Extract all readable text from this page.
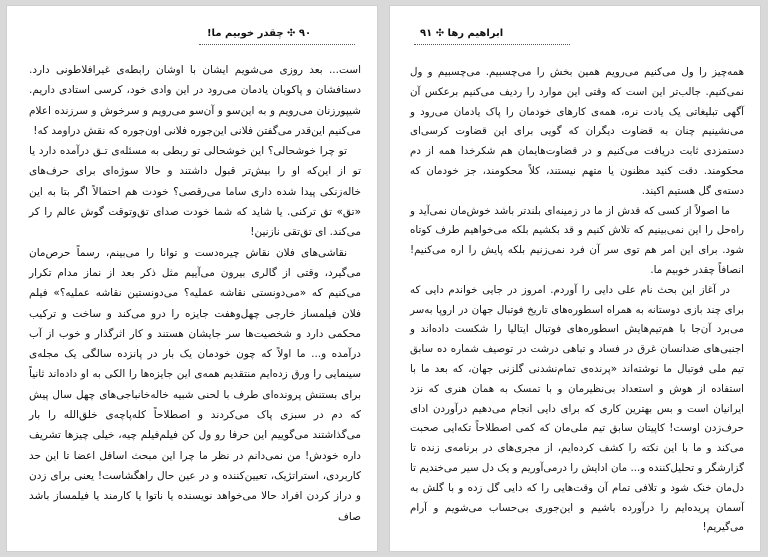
٩٠ ✣ چقدر خوبیم ما!

است... بعد روزی می‌شویم ایشان با اوشان رابطه‌ی غیرافلاطونی دارد. دستافشان و پاکوبان یادمان می‌رود در این وادی خود، کرسی استادی داریم. شیپورزنان می‌رویم و به این‌سو و آن‌سو می‌رویم و سرخوش و سرزنده اعلام می‌کنیم این‌قدر می‌گفتن فلانی این‌جوره فلانی اون‌جوره که نقش دراومد که!

تو چرا خوشحالی؟ این خوشحالی تو ربطی به مسئله‌ی تـق درآمده دارد یا تو از این‌که او را بیش‌تر قبول داشتند و حالا سوژه‌ای برای حرف‌های خاله‌زنکی پیدا شده داری ساما می‌رقصی؟ خودت هم احتمالاً اگر بتا به این «تق» تق ترکنی. یا شاید که شما خودت صدای تق‌وتوقت گوش عالم را کر می‌کند. ای تق‌تقی نازنین!

نقاشی‌های فلان نقاش چیره‌دست و توانا را می‌بینم، رسماً حرص‌مان می‌گیرد، وقتی از گالری بیرون می‌آییم مثل ذکر بعد از نماز مدام تکرار می‌کنیم که «می‌دونستی نقاشه عملیه؟ می‌دونستین نقاشه عملیه؟» فیلم فلان فیلمساز خارجی چهل‌وهفت جایزه را درو می‌کند و ساخت و ترکیب محکمی دارد و شخصیت‌ها سر جایشان هستند و کار اثرگذار و خوب از آب درآمده و... ما اولاً که چون خودمان یک بار در پانزده سالگی یک مجله‌ی سینمایی را ورق زده‌ایم منتقدیم همه‌ی این جایزه‌ها را الکی به او داده‌اند ثانیاً برای بستنش پرونده‌ای طرف با لحنی شبیه خاله‌خانباجی‌های چهل سال پیش که دم در سبزی پاک می‌کردند و اصطلاحاً کله‌پاچه‌ی خلق‌الله را بار می‌گذاشتند می‌گوییم این حرفا رو ول کن فیلم‌فیلم چیه، خیلی چیزها تشریف داره خودش! من نمی‌دانم در نظر ما چرا این مبحث اسافل اعضا تا این حد کاربردی، استراتژیک، تعیین‌کننده و در عین حال راهگشاست! یعنی برای زدن و دراز کردن افراد حالا می‌خواهد نویسنده یا ناتوا یا کارمند یا فیلمساز باشد صاف

ابراهیم رها ✣ ٩١

همه‌چیز را ول می‌کنیم می‌رویم همین بخش را می‌چسبیم. می‌چسبیم و ول نمی‌کنیم. جالب‌تر این است که وقتی این موارد را ردیف می‌کنیم برعکس آن آگهی تبلیغاتی یک یادت نره، همه‌ی کارهای خودمان را پاک یادمان می‌رود و می‌نشینیم چنان به قضاوت دیگران که گویی برای این قضاوت کرسی‌ای دستمزدی ثابت دریافت می‌کنیم و در قضاوت‌هایمان هم شکرخدا همه از دم محکومند. دقت کنید مظنون یا متهم نیستند، کلاً محکومند، جز خودمان که دسته‌ی گل هستیم اکیند.

ما اصولاً از کسی که قدش از ما در زمینه‌ای بلندتر باشد خوش‌مان نمی‌آید و راه‌حل را این نمی‌بینیم که تلاش کنیم و قد بکشیم بلکه می‌خواهیم طرف کوتاه شود. برای این امر هم توی سر آن فرد نمی‌زنیم بلکه پایش را اره می‌کنیم! انصافاً چقدر خوبیم ما.

در آغاز این بحث نام علی دایی را آوردم. امروز در جایی خواندم دایی که برای چند بازی دوستانه به همراه اسطوره‌های تاریخ فوتبال جهان در اروپا به‌سر می‌برد آن‌جا با هم‌تیم‌هایش اسطوره‌های فوتبال ایتالیا را شکست داده‌اند و اجنبی‌های ضدانسان غرق در فساد و تباهی درشت در توصیف شماره ده سابق تیم ملی فوتبال ما نوشته‌اند «پرنده‌ی تمام‌نشدنی گلزنی جهان، که بعد ما با استفاده از هوش و استعداد بی‌نظیرمان و با تمسک به همان هنری که نزد ایرانیان است و بس بهترین کاری که برای دایی انجام می‌دهیم درآوردن ادای حرف‌زدن اوست! کاپیتان سابق تیم ملی‌مان که کمی اصطلاحاً تکه‌ایی صحبت می‌کند و ما با این نکته را کشف کرده‌ایم، از مجری‌های در برنامه‌ی زنده تا گزارشگر و تحلیل‌کننده و... مان ادایش را درمی‌آوریم و یک دل سیر می‌خندیم تا دل‌مان خنک شود و تلافی تمام آن وقت‌هایی را که دایی گل زده و با گلش به آسمان پریده‌ایم را درآورده باشیم و این‌جوری بی‌حساب می‌شویم و آرام می‌گیریم!
